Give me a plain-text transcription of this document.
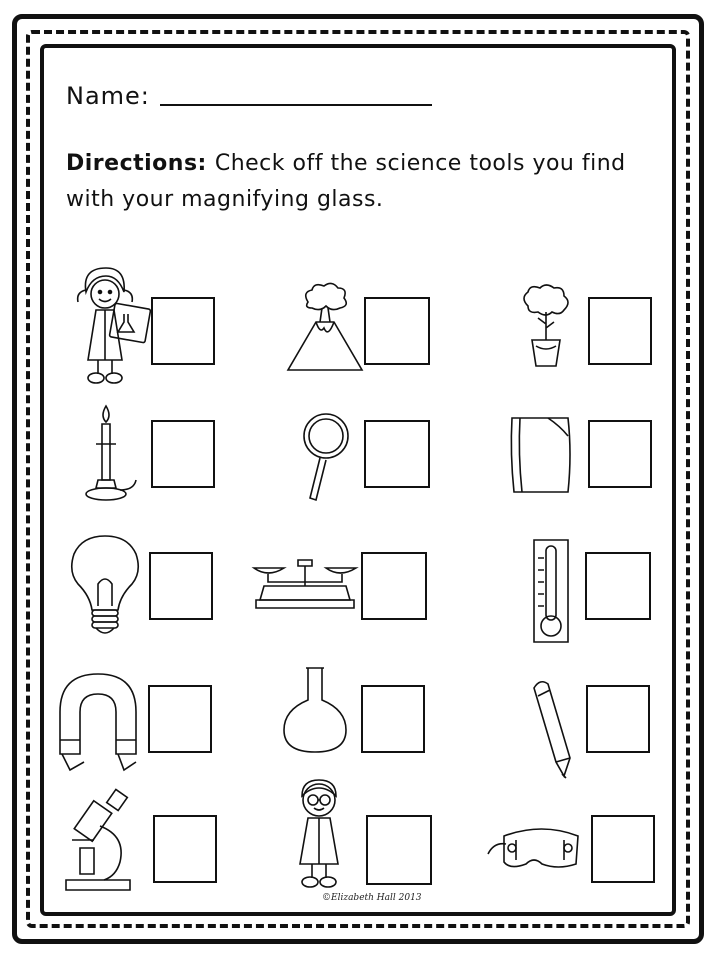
Name:
Directions: Check off the science tools you find with your magnifying glass.
©Elizabeth Hall 2013
